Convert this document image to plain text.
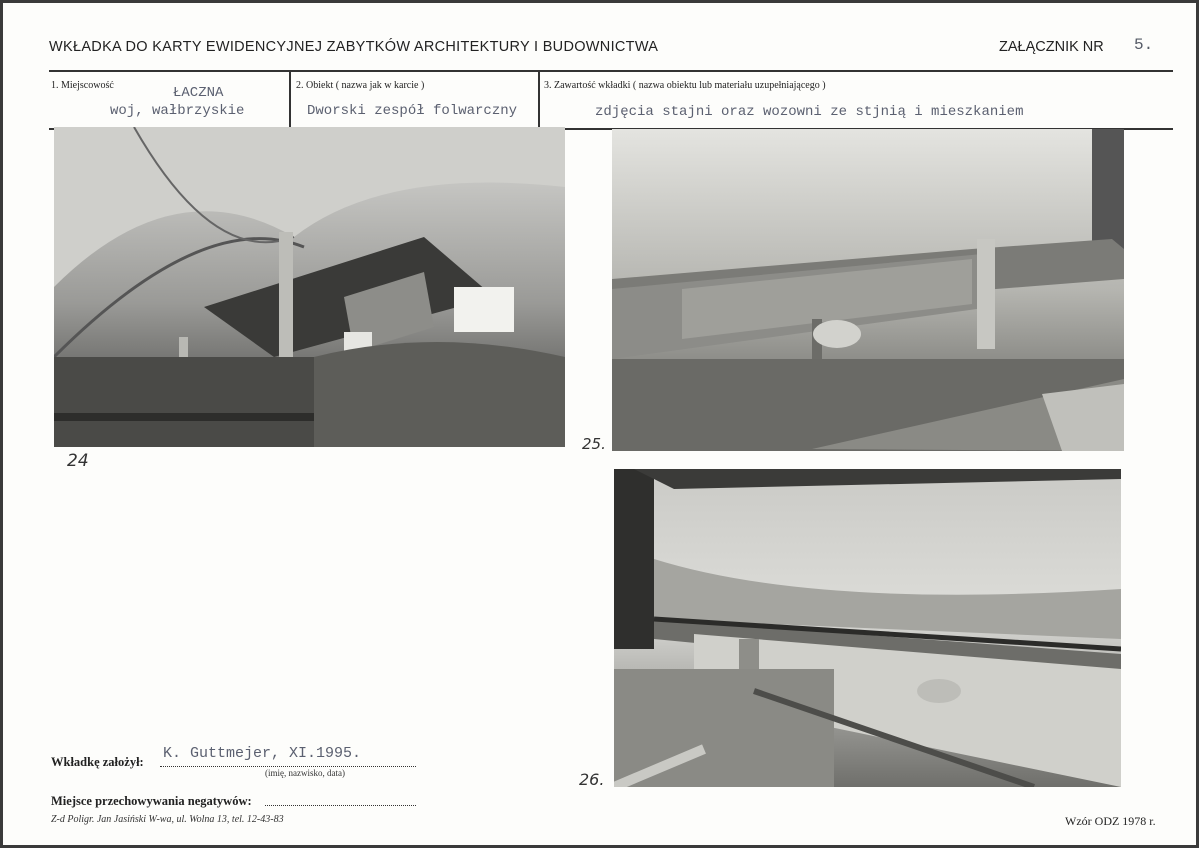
WKŁADKA DO KARTY EWIDENCYJNEJ ZABYTKÓW ARCHITEKTURY I BUDOWNICTWA	ZAŁĄCZNIK NR 5.
1. Miejscowość	2. Obiekt ( nazwa jak w karcie )	3. Zawartość wkładki ( nazwa obiektu lub materiału uzupełniającego )
ŁACZNA
woj, wałbrzyskie	Dworski zespół folwarczny	zdjęcia stajni oraz wozowni ze stjnią i mieszkaniem
24
25.
26.
Wkładkę założył: K. Guttmejer, XI.1995.
(imię, nazwisko, data)
Miejsce przechowywania negatywów:
Z-d Poligr. Jan Jasiński W-wa, ul. Wolna 13, tel. 12-43-83	Wzór ODZ 1978 r.
